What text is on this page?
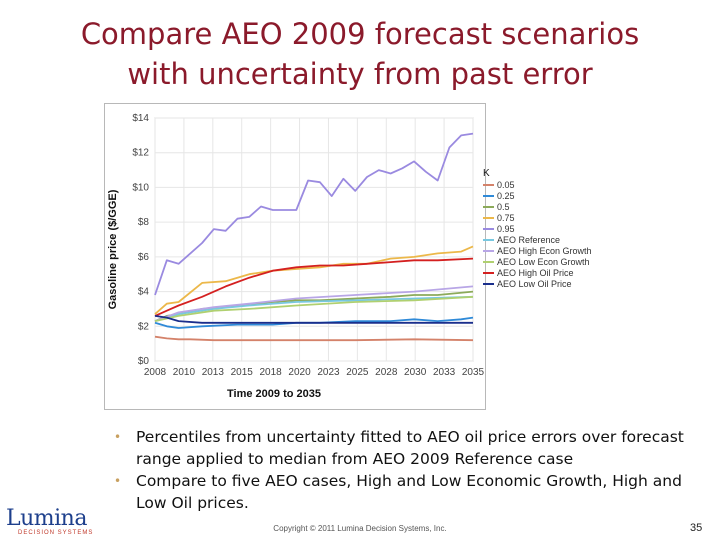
Compare AEO 2009 forecast scenarios
with uncertainty from past error
$0
$2
$4
$6
$8
$10
$12
$14
2008 2010 2013 2015 2018 2020 2023 2025 2028 2030 2033 2035
Time 2009 to 2035
Gasoline price ($/GGE)
K
0.05
0.25
0.5
0.75
0.95
AEO Reference
AEO High Econ Growth
AEO Low Econ Growth
AEO High Oil Price
AEO Low Oil Price
• Percentiles from uncertainty fitted to AEO oil price errors over forecast range applied to median from AEO 2009 Reference case
• Compare to five AEO cases, High and Low Economic Growth, High and Low Oil prices.
Lumina
DECISION SYSTEMS	Copyright © 2011 Lumina Decision Systems, Inc.	35
